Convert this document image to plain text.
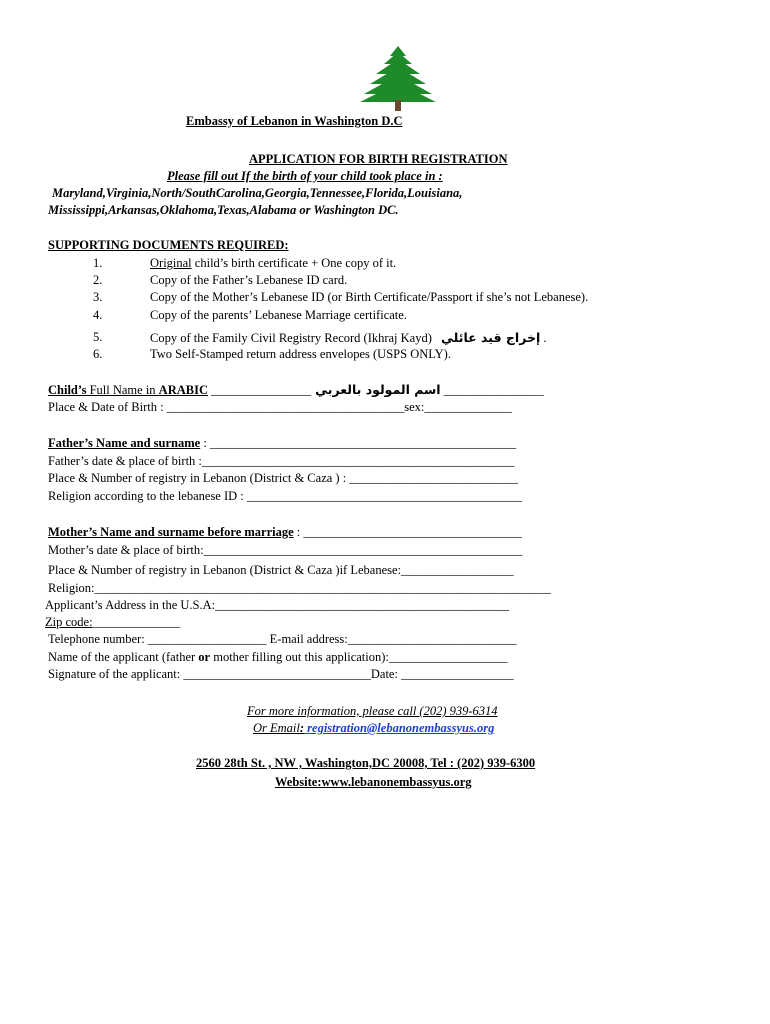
Embassy of Lebanon in Washington D.C
APPLICATION FOR BIRTH REGISTRATION
Please fill out If the birth of your child took place in :
Maryland,Virginia,North/SouthCarolina,Georgia,Tennessee,Florida,Louisiana,
Mississippi,Arkansas,Oklahoma,Texas,Alabama or Washington DC.
SUPPORTING DOCUMENTS REQUIRED:
1.	Original child’s birth certificate + One copy of it.
2.	Copy of the Father’s Lebanese ID card.
3.	Copy of the Mother’s Lebanese ID (or Birth Certificate/Passport if she’s not Lebanese).
4.	Copy of the parents’ Lebanese Marriage certificate.
5.	Copy of the Family Civil Registry Record (Ikhraj Kayd) إخراج قيد عائلي .
6.	Two Self-Stamped return address envelopes (USPS ONLY).
Child’s Full Name in ARABIC ________________ اسم المولود بالعربي ________________
Place & Date of Birth : ______________________________________sex:______________
Father’s Name and surname : _________________________________________________
Father’s date & place of birth :__________________________________________________
Place & Number of registry in Lebanon (District & Caza ) : ___________________________
Religion according to the lebanese ID : ____________________________________________
Mother’s Name and surname before marriage : ___________________________________
Mother’s date & place of birth:___________________________________________________
Place & Number of registry in Lebanon (District & Caza )if Lebanese:__________________
Religion:_________________________________________________________________________
Applicant’s Address in the U.S.A:_______________________________________________
Zip code:______________
Telephone number: ___________________ E-mail address:___________________________
Name of the applicant (father or mother filling out this application):___________________
Signature of the applicant: ______________________________Date: __________________
For more information, please call (202) 939-6314
Or Email: registration@lebanonembassyus.org
2560 28th St. , NW , Washington,DC 20008, Tel : (202) 939-6300
Website:www.lebanonembassyus.org
